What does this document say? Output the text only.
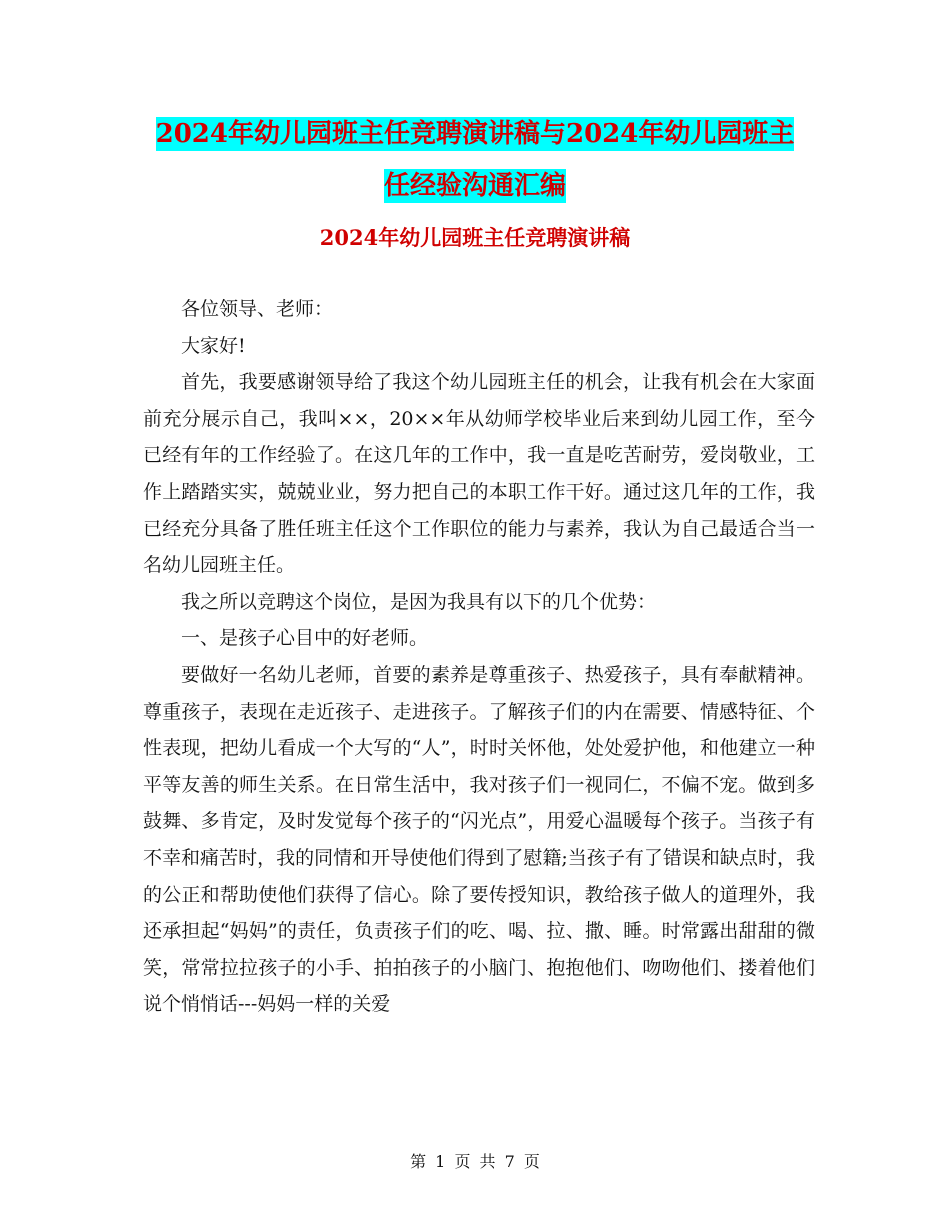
2024年幼儿园班主任竞聘演讲稿与2024年幼儿园班主
任经验沟通汇编
2024年幼儿园班主任竞聘演讲稿

各位领导、老师：

大家好!

首先，我要感谢领导给了我这个幼儿园班主任的机会，让我有机会在大家面前充分展示自己，我叫××，20××年从幼师学校毕业后来到幼儿园工作，至今已经有年的工作经验了。在这几年的工作中，我一直是吃苦耐劳，爱岗敬业，工作上踏踏实实，兢兢业业，努力把自己的本职工作干好。通过这几年的工作，我已经充分具备了胜任班主任这个工作职位的能力与素养，我认为自己最适合当一名幼儿园班主任。

我之所以竞聘这个岗位，是因为我具有以下的几个优势：

一、是孩子心目中的好老师。

要做好一名幼儿老师，首要的素养是尊重孩子、热爱孩子，具有奉献精神。尊重孩子，表现在走近孩子、走进孩子。了解孩子们的内在需要、情感特征、个性表现，把幼儿看成一个大写的“人”，时时关怀他，处处爱护他，和他建立一种平等友善的师生关系。在日常生活中，我对孩子们一视同仁，不偏不宠。做到多鼓舞、多肯定，及时发觉每个孩子的“闪光点”，用爱心温暖每个孩子。当孩子有不幸和痛苦时，我的同情和开导使他们得到了慰籍;当孩子有了错误和缺点时，我的公正和帮助使他们获得了信心。除了要传授知识，教给孩子做人的道理外，我还承担起“妈妈”的责任，负责孩子们的吃、喝、拉、撒、睡。时常露出甜甜的微笑，常常拉拉孩子的小手、拍拍孩子的小脑门、抱抱他们、吻吻他们、搂着他们说个悄悄话---妈妈一样的关爱

第 1 页 共 7 页
